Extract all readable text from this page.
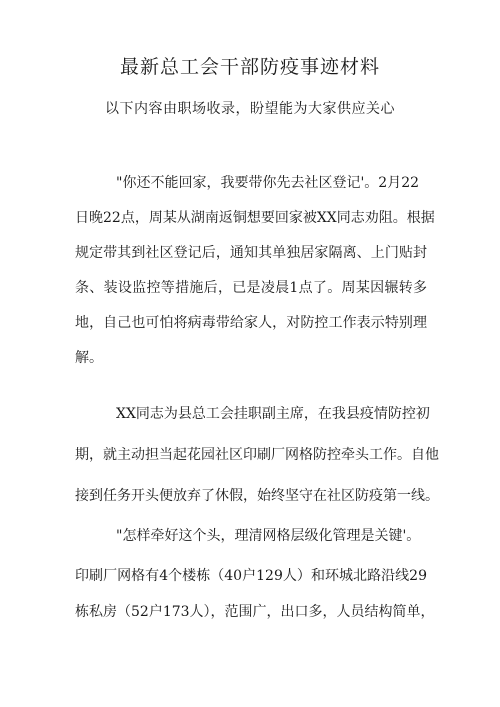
最新总工会干部防疫事迹材料
以下内容由职场收录，盼望能为大家供应关心
"你还不能回家，我要带你先去社区登记'。2月22
日晚22点，周某从湖南返铜想要回家被XX同志劝阻。根据
规定带其到社区登记后，通知其单独居家隔离、上门贴封
条、装设监控等措施后，已是凌晨1点了。周某因辗转多
地，自己也可怕将病毒带给家人，对防控工作表示特别理
解。
XX同志为县总工会挂职副主席，在我县疫情防控初
期，就主动担当起花园社区印刷厂网格防控牵头工作。自他
接到任务开头便放弃了休假，始终坚守在社区防疫第一线。
"怎样牵好这个头，理清网格层级化管理是关键'。
印刷厂网格有4个楼栋（40户129人）和环城北路沿线29
栋私房（52户173人），范围广，出口多，人员结构简单，
